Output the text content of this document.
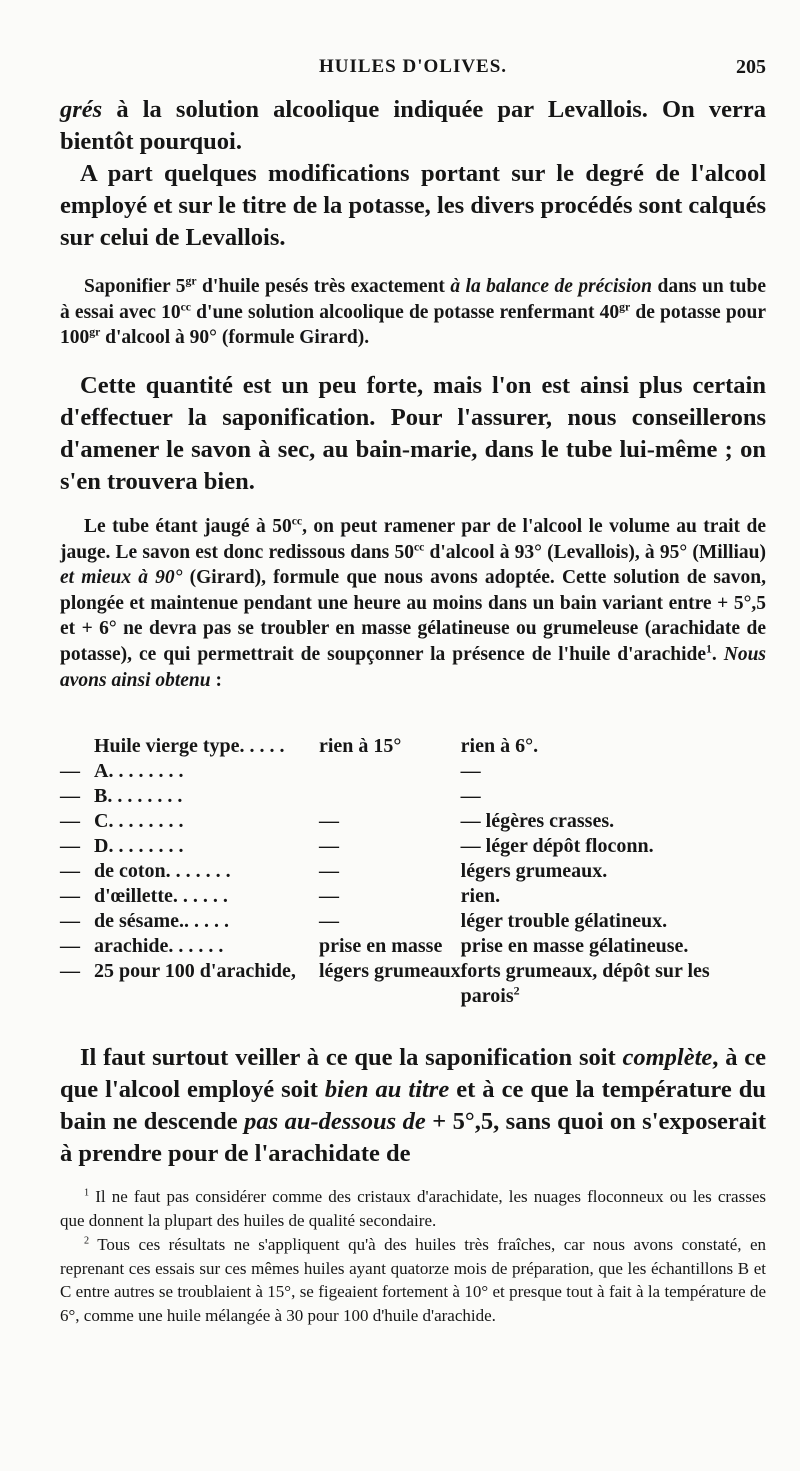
HUILES D'OLIVES.	205

grés à la solution alcoolique indiquée par Levallois. On verra bientôt pourquoi.

A part quelques modifications portant sur le degré de l'alcool employé et sur le titre de la potasse, les divers procédés sont calqués sur celui de Levallois.

Saponifier $5^{gr}$ d'huile pesés très exactement à la balance de précision dans un tube à essai avec $10^{cc}$ d'une solution alcoolique de potasse renfermant $40^{gr}$ de potasse pour $100^{gr}$ d'alcool à 90° (formule Girard).

Cette quantité est un peu forte, mais l'on est ainsi plus certain d'effectuer la saponification. Pour l'assurer, nous conseillerons d'amener le savon à sec, au bain-marie, dans le tube lui-même ; on s'en trouvera bien.

Le tube étant jaugé à $50^{cc}$, on peut ramener par de l'alcool le volume au trait de jauge. Le savon est donc redissous dans $50^{cc}$ d'alcool à 93° (Levallois), à 95° (Milliau) et mieux à 90° (Girard), formule que nous avons adoptée. Cette solution de savon, plongée et maintenue pendant une heure au moins dans un bain variant entre + 5°,5 et + 6° ne devra pas se troubler en masse gélatineuse ou grumeleuse (arachidate de potasse), ce qui permettrait de soupçonner la présence de l'huile d'arachide$^1$. Nous avons ainsi obtenu :

	Huile vierge type. . . . .	rien à 15°	rien à 6°.
—	A. . . . . . . .		—
—	B. . . . . . . .		—
—	C. . . . . . . .	—	— légères crasses.
—	D. . . . . . . .	—	— léger dépôt floconn.
—	de coton. . . . . . .	—	légers grumeaux.
—	d'œillette. . . . . .	—	rien.
—	de sésame.. . . . .	—	léger trouble gélatineux.
—	arachide. . . . . .	prise en masse	prise en masse gélatineuse.
—	25 pour 100 d'arachide,	légers grumeaux	forts grumeaux, dépôt sur les parois$^2$

Il faut surtout veiller à ce que la saponification soit complète, à ce que l'alcool employé soit bien au titre et à ce que la température du bain ne descende pas au-dessous de + 5°,5, sans quoi on s'exposerait à prendre pour de l'arachidate de

$^1$ Il ne faut pas considérer comme des cristaux d'arachidate, les nuages floconneux ou les crasses que donnent la plupart des huiles de qualité secondaire.

$^2$ Tous ces résultats ne s'appliquent qu'à des huiles très fraîches, car nous avons constaté, en reprenant ces essais sur ces mêmes huiles ayant quatorze mois de préparation, que les échantillons B et C entre autres se troublaient à 15°, se figeaient fortement à 10° et presque tout à fait à la température de 6°, comme une huile mélangée à 30 pour 100 d'huile d'arachide.
